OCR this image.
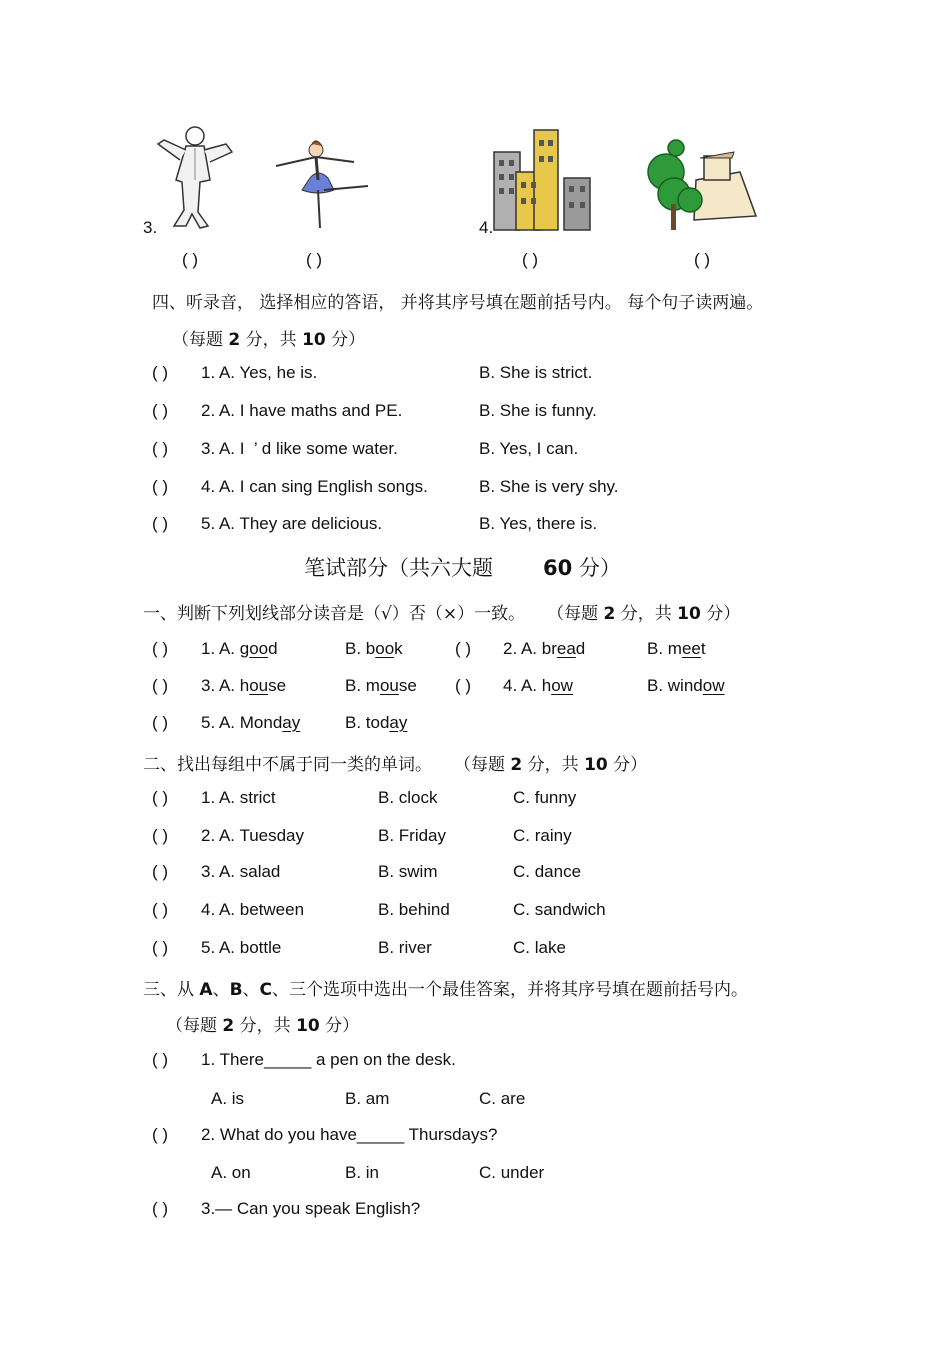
3.	4.
( )	( )	( )	( )
四、听录音， 选择相应的答语， 并将其序号填在题前括号内。 每个句子读两遍。
（每题 2 分，共 10 分）
( ) 1. A. Yes, he is.	B. She is strict.
( ) 2. A. I have maths and PE.	B. She is funny.
( ) 3. A. I  ’ d like some water.	B. Yes, I can.
( ) 4. A. I can sing English songs.	B. She is very shy.
( ) 5. A. They are delicious.	B. Yes, there is.
笔试部分（共六大题 60 分）
一、判断下列划线部分读音是（√）否（×）一致。 （每题 2 分，共 10 分）
( ) 1. A. good	B. book	( ) 2. A. bread	B. meet
( ) 3. A. house	B. mouse ( ) 4. A. how	B. window
( ) 5. A. Monday	B. today
二、找出每组中不属于同一类的单词。 （每题 2 分，共 10 分）
( ) 1. A. strict	B. clock	C. funny
( ) 2. A. Tuesday	B. Friday	C. rainy
( ) 3. A. salad	B. swim	C. dance
( ) 4. A. between	B. behind	C. sandwich
( ) 5. A. bottle	B. river	C. lake
三、从 A、B、C、三个选项中选出一个最佳答案，并将其序号填在题前括号内。
（每题 2 分，共 10 分）
( ) 1. There_____ a pen on the desk.
A. is	B. am	C. are
( ) 2. What do you have_____ Thursdays?
A. on	B. in	C. under
( ) 3.— Can you speak English?
